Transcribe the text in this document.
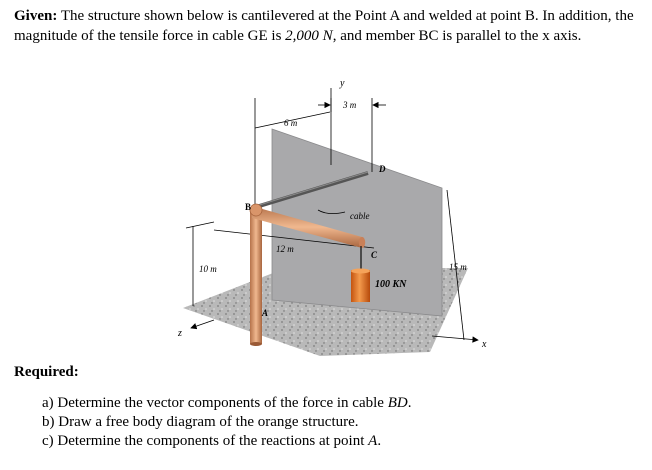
Given: The structure shown below is cantilevered at the Point A and welded at point B. In addition, the magnitude of the tensile force in cable GE is 2,000 N, and member BC is parallel to the x axis.
y
3 m
6 m
D
B
cable
12 m
C
10 m	15 m
100 KN
A
z
x
Required:
a) Determine the vector components of the force in cable BD.
b) Draw a free body diagram of the orange structure.
c) Determine the components of the reactions at point A.
